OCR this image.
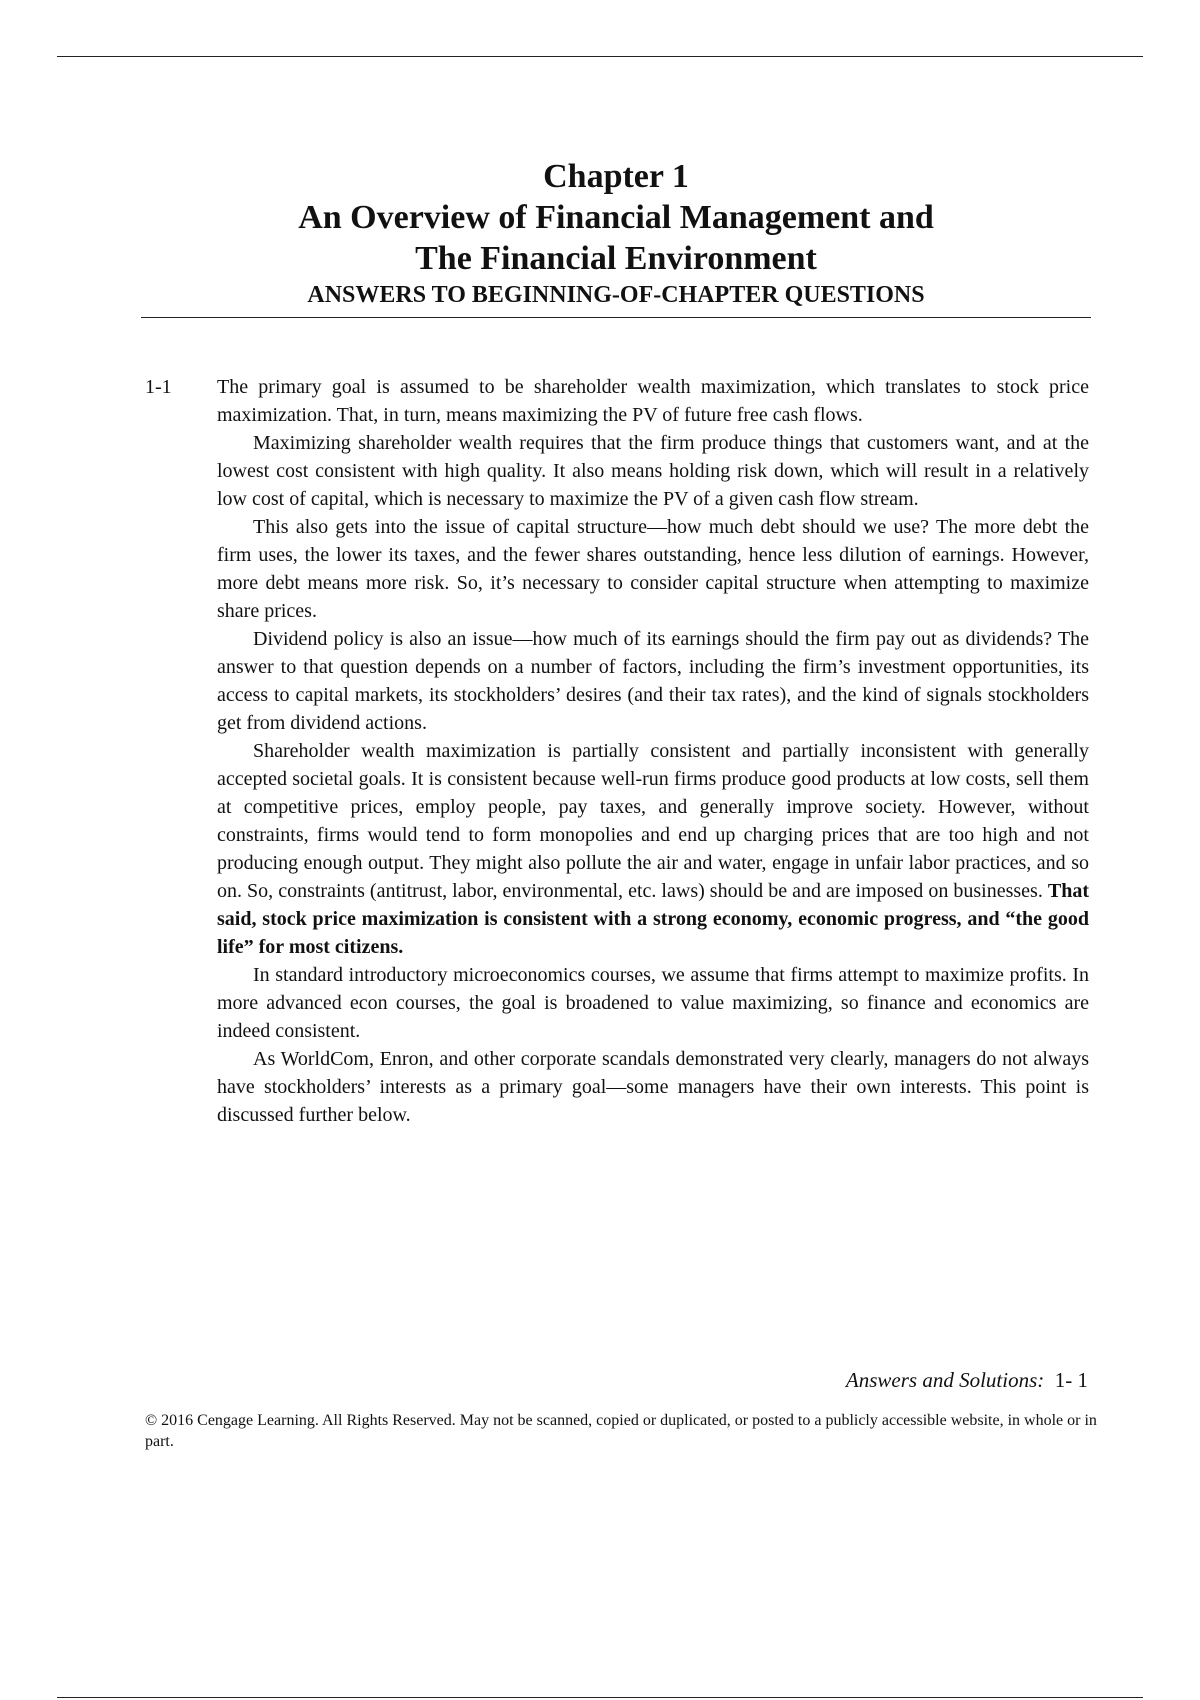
Chapter 1
An Overview of Financial Management and
The Financial Environment
ANSWERS TO BEGINNING-OF-CHAPTER QUESTIONS
1-1 The primary goal is assumed to be shareholder wealth maximization, which translates to stock price maximization. That, in turn, means maximizing the PV of future free cash flows.

Maximizing shareholder wealth requires that the firm produce things that customers want, and at the lowest cost consistent with high quality. It also means holding risk down, which will result in a relatively low cost of capital, which is necessary to maximize the PV of a given cash flow stream.

This also gets into the issue of capital structure—how much debt should we use? The more debt the firm uses, the lower its taxes, and the fewer shares outstanding, hence less dilution of earnings. However, more debt means more risk. So, it’s necessary to consider capital structure when attempting to maximize share prices.

Dividend policy is also an issue—how much of its earnings should the firm pay out as dividends? The answer to that question depends on a number of factors, including the firm’s investment opportunities, its access to capital markets, its stockholders’ desires (and their tax rates), and the kind of signals stockholders get from dividend actions.

Shareholder wealth maximization is partially consistent and partially inconsistent with generally accepted societal goals. It is consistent because well-run firms produce good products at low costs, sell them at competitive prices, employ people, pay taxes, and generally improve society. However, without constraints, firms would tend to form monopolies and end up charging prices that are too high and not producing enough output. They might also pollute the air and water, engage in unfair labor practices, and so on. So, constraints (antitrust, labor, environmental, etc. laws) should be and are imposed on businesses. That said, stock price maximization is consistent with a strong economy, economic progress, and “the good life” for most citizens.

In standard introductory microeconomics courses, we assume that firms attempt to maximize profits. In more advanced econ courses, the goal is broadened to value maximizing, so finance and economics are indeed consistent.

As WorldCom, Enron, and other corporate scandals demonstrated very clearly, managers do not always have stockholders’ interests as a primary goal—some managers have their own interests. This point is discussed further below.

Answers and Solutions: 1- 1
© 2016 Cengage Learning. All Rights Reserved. May not be scanned, copied or duplicated, or posted to a publicly accessible website, in whole or in part.
